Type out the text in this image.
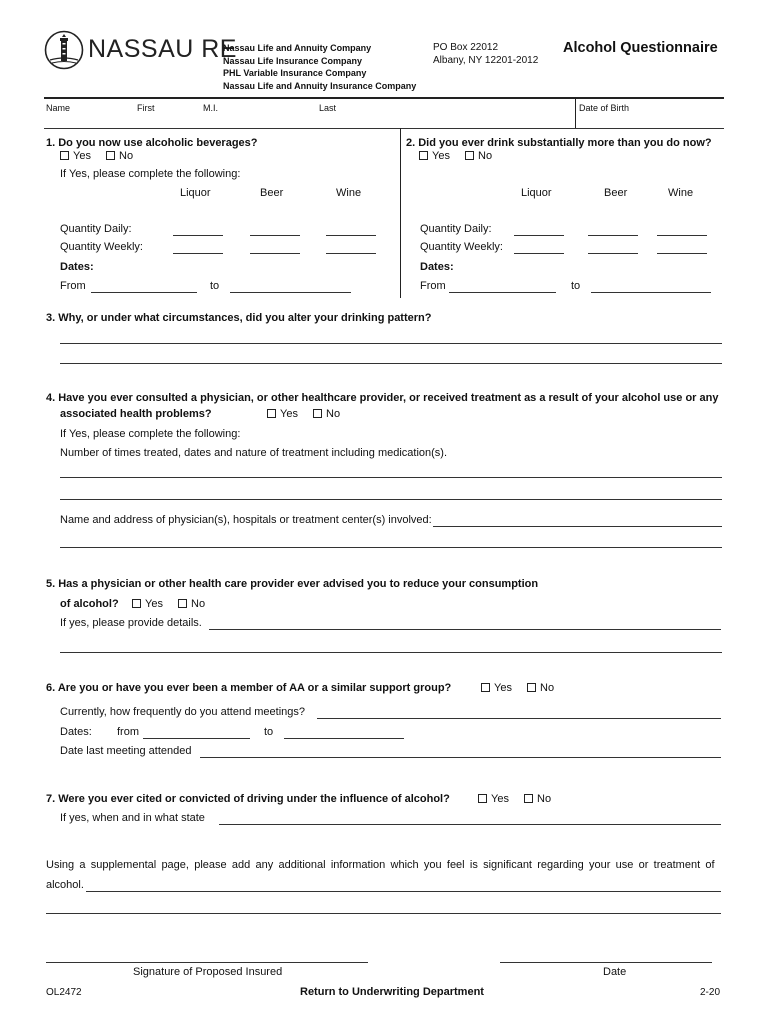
NASSAU RE
Nassau Life and Annuity Company
Nassau Life Insurance Company
PHL Variable Insurance Company
Nassau Life and Annuity Insurance Company
PO Box 22012
Albany, NY 12201-2012
Alcohol Questionnaire
Name	First	M.I.	Last	Date of Birth
1. Do you now use alcoholic beverages?
Yes	No
If Yes, please complete the following:
Liquor	Beer	Wine
Quantity Daily:
Quantity Weekly:
Dates:
From	to
2. Did you ever drink substantially more than you do now?
Yes	No
Liquor	Beer	Wine
Quantity Daily:
Quantity Weekly:
Dates:
From	to
3. Why, or under what circumstances, did you alter your drinking pattern?
4. Have you ever consulted a physician, or other healthcare provider, or received treatment as a result of your alcohol use or any
associated health problems?	Yes	No
If Yes, please complete the following:
Number of times treated, dates and nature of treatment including medication(s).
Name and address of physician(s), hospitals or treatment center(s) involved:
5. Has a physician or other health care provider ever advised you to reduce your consumption
of alcohol?	Yes	No
If yes, please provide details.
6. Are you or have you ever been a member of AA or a similar support group?	Yes	No
Currently, how frequently do you attend meetings?
Dates: from	to
Date last meeting attended
7. Were you ever cited or convicted of driving under the influence of alcohol?	Yes	No
If yes, when and in what state
Using a supplemental page, please add any additional information which you feel is significant regarding your use or treatment of
alcohol.
Signature of Proposed Insured	Date
OL2472	Return to Underwriting Department	2-20
